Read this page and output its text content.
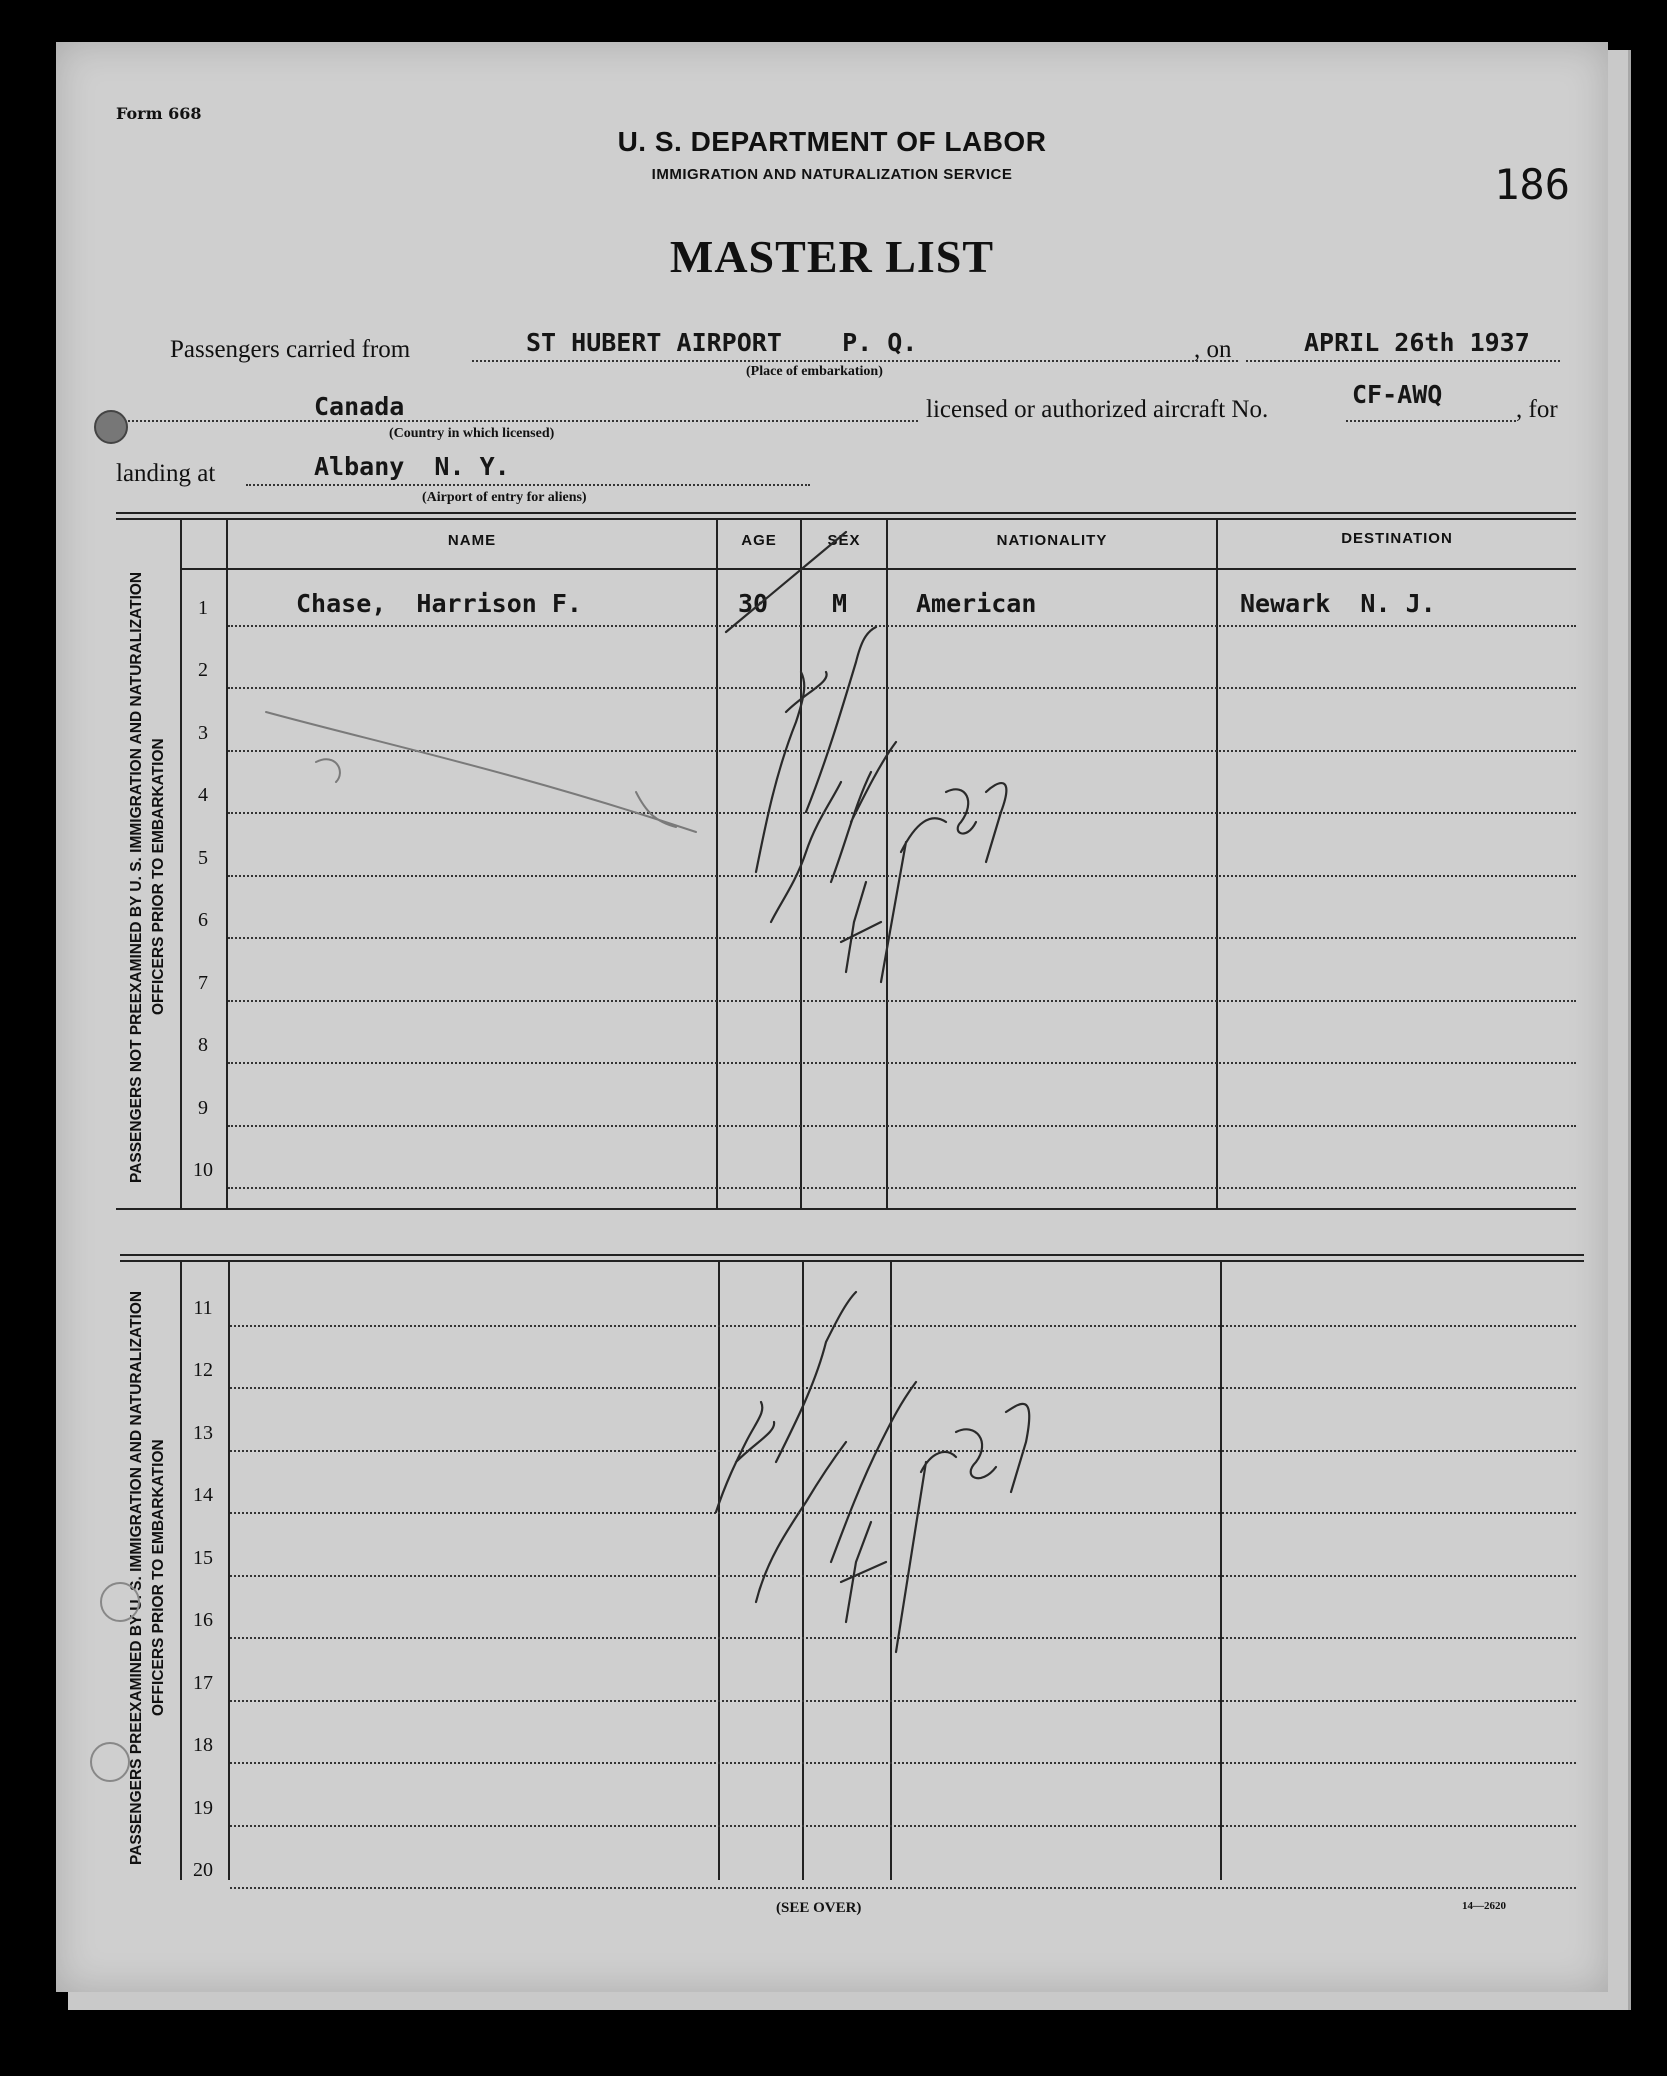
Form 668
U. S. DEPARTMENT OF LABOR
IMMIGRATION AND NATURALIZATION SERVICE	186
MASTER LIST
Passengers carried from	ST HUBERT AIRPORT    P. Q.
(Place of embarkation)
, on	APRIL 26th 1937
Canada
(Country in which licensed)
licensed or authorized aircraft No.
CF-AWQ
, for
landing at	Albany  N. Y.
(Airport of entry for aliens)
NAME	AGE	SEX	NATIONALITY	DESTINATION
PASSENGERS NOT PREEXAMINED BY U. S. IMMIGRATION AND NATURALIZATION OFFICERS PRIOR TO EMBARKATION
1	Chase,  Harrison F.	30	M	American	Newark  N. J.
2
3
4
5
6
7
8
9
10
PASSENGERS PREEXAMINED BY U. S. IMMIGRATION AND NATURALIZATION OFFICERS PRIOR TO EMBARKATION
11
12
13
14
15
16
17
18
19
20
(SEE OVER)	14—2620
